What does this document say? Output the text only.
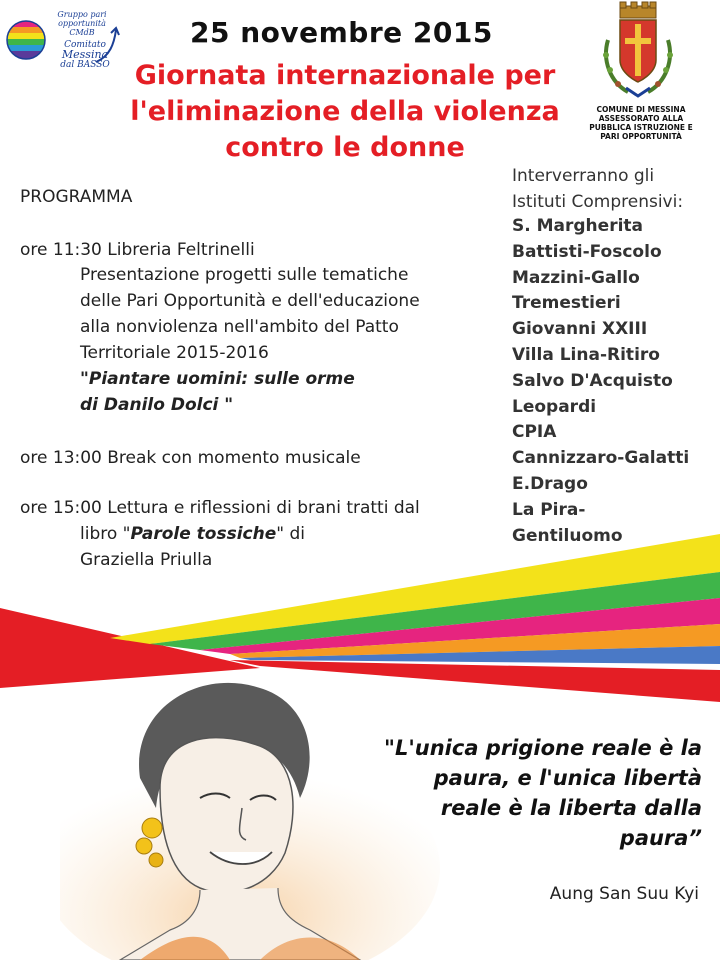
Gruppo pari
opportunità
CMdB
Comitato
Messina
dal BASSO
25 novembre 2015
Giornata internazionale per
l'eliminazione della violenza
contro le donne
COMUNE DI MESSINA
ASSESSORATO ALLA
PUBBLICA ISTRUZIONE E
PARI OPPORTUNITÀ
PROGRAMMA
ore 11:30 Libreria Feltrinelli
Presentazione progetti sulle tematiche
delle Pari Opportunità e dell'educazione
alla nonviolenza nell'ambito del Patto
Territoriale 2015-2016
"Piantare uomini: sulle orme
di Danilo Dolci "
ore 13:00 Break con momento musicale
ore 15:00 Lettura e riflessioni di brani tratti dal
libro "Parole tossiche" di
Graziella Priulla
Interverranno gli
Istituti Comprensivi:
S. Margherita
Battisti-Foscolo
Mazzini-Gallo
Tremestieri
Giovanni XXIII
Villa Lina-Ritiro
Salvo D'Acquisto
Leopardi
CPIA
Cannizzaro-Galatti
E.Drago
La Pira-
Gentiluomo
"L'unica prigione reale è la
paura, e l'unica libertà
reale è la liberta dalla
paura”
Aung San Suu Kyi
